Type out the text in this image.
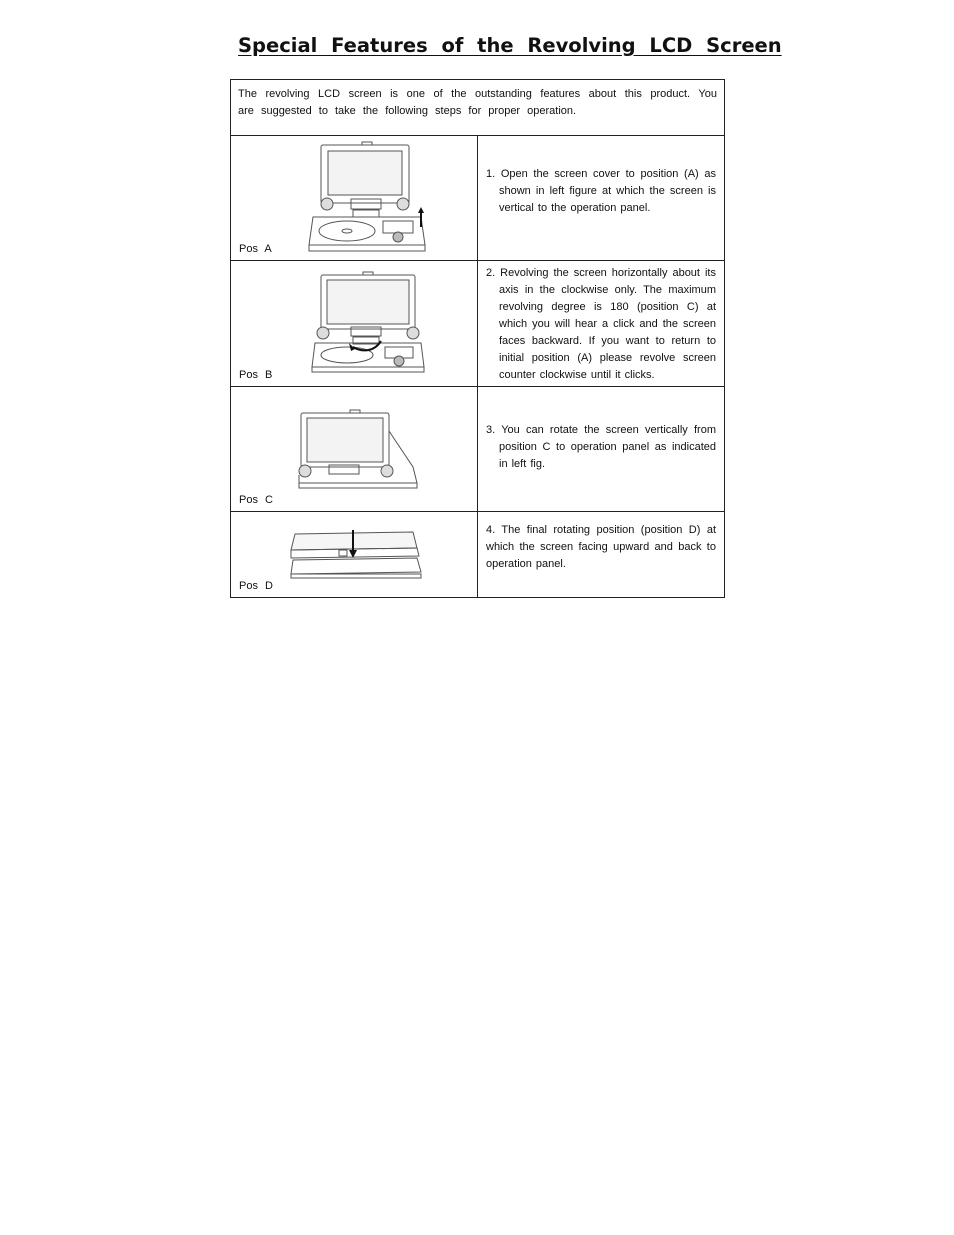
Special Features of the Revolving LCD Screen
The revolving LCD screen is one of the outstanding features about this product. You are suggested to take the following steps for proper operation.	

Pos A	1. Open the screen cover to position (A) as shown in left figure at which the screen is vertical to the operation panel.

Pos B	2. Revolving the screen horizontally about its axis in the clockwise only. The maximum revolving degree is 180 (position C) at which you will hear a click and the screen faces backward. If you want to return to initial position (A) please revolve screen counter clockwise until it clicks.

Pos C	3. You can rotate the screen vertically from position C to operation panel as indicated in left fig.

Pos D	4. The final rotating position (position D) at which the screen facing upward and back to operation panel.
